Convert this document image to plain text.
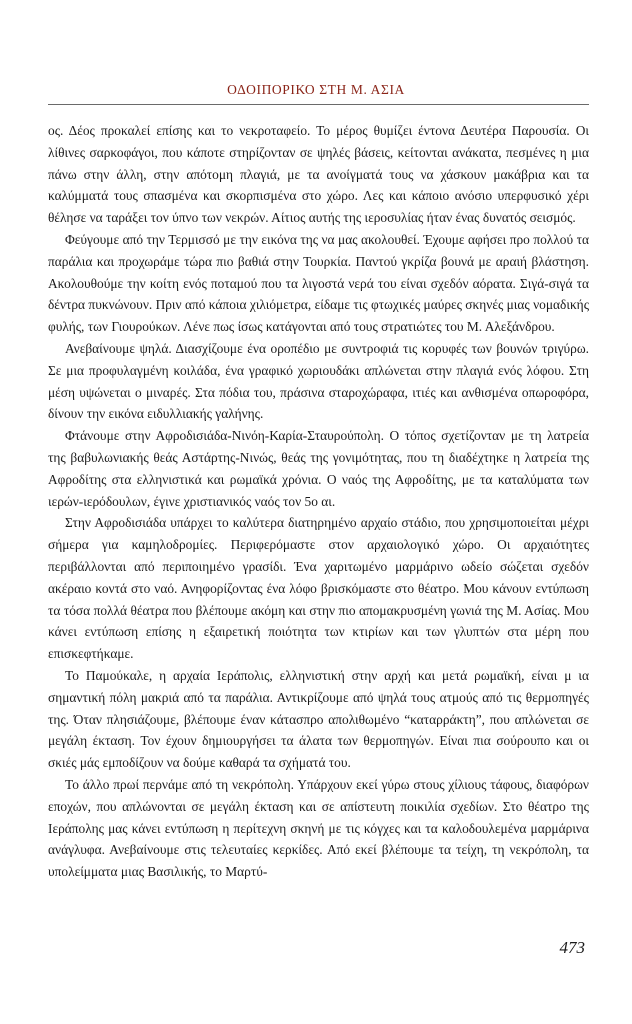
ΟΔΟΙΠΟΡΙΚΟ ΣΤΗ Μ. ΑΣΙΑ

ος. Δέος προκαλεί επίσης και το νεκροταφείο. Το μέρος θυμίζει έντονα Δευτέρα Παρουσία. Οι λίθινες σαρκοφάγοι, που κάποτε στηρίζονταν σε ψηλές βάσεις, κείτονται ανάκατα, πεσμένες η μια πάνω στην άλλη, στην απότομη πλαγιά, με τα ανοίγματά τους να χάσκουν μακάβρια και τα καλύμματά τους σπασμένα και σκορπισμένα στο χώρο. Λες και κάποιο ανόσιο υπερφυσικό χέρι θέλησε να ταράξει τον ύπνο των νεκρών. Αίτιος αυτής της ιεροσυλίας ήταν ένας δυνατός σεισμός.

Φεύγουμε από την Τερμισσό με την εικόνα της να μας ακολουθεί. Έχουμε αφήσει προ πολλού τα παράλια και προχωράμε τώρα πιο βαθιά στην Τουρκία. Παντού γκρίζα βουνά με αραιή βλάστηση. Ακολουθούμε την κοίτη ενός ποταμού που τα λιγοστά νερά του είναι σχεδόν αόρατα. Σιγά-σιγά τα δέντρα πυκνώνουν. Πριν από κάποια χιλιόμετρα, είδαμε τις φτωχικές μαύρες σκηνές μιας νομαδικής φυλής, των Γιουρούκων. Λένε πως ίσως κατάγονται από τους στρατιώτες του Μ. Αλεξάνδρου.

Ανεβαίνουμε ψηλά. Διασχίζουμε ένα οροπέδιο με συντροφιά τις κορυφές των βουνών τριγύρω. Σε μια προφυλαγμένη κοιλάδα, ένα γραφικό χωριουδάκι απλώνεται στην πλαγιά ενός λόφου. Στη μέση υψώνεται ο μιναρές. Στα πόδια του, πράσινα σταροχώραφα, ιτιές και ανθισμένα οπωροφόρα, δίνουν την εικόνα ειδυλλιακής γαλήνης.

Φτάνουμε στην Αφροδισιάδα-Νινόη-Καρία-Σταυρούπολη. Ο τόπος σχετίζονταν με τη λατρεία της βαβυλωνιακής θεάς Αστάρτης-Νινώς, θεάς της γονιμότητας, που τη διαδέχτηκε η λατρεία της Αφροδίτης στα ελληνιστικά και ρωμαϊκά χρόνια. Ο ναός της Αφροδίτης, με τα καταλύματα των ιερών-ιερόδουλων, έγινε χριστιανικός ναός τον 5ο αι.

Στην Αφροδισιάδα υπάρχει το καλύτερα διατηρημένο αρχαίο στάδιο, που χρησιμοποιείται μέχρι σήμερα για καμηλοδρομίες. Περιφερόμαστε στον αρχαιολογικό χώρο. Οι αρχαιότητες περιβάλλονται από περιποιημένο γρασίδι. Ένα χαριτωμένο μαρμάρινο ωδείο σώζεται σχεδόν ακέραιο κοντά στο ναό. Ανηφορίζοντας ένα λόφο βρισκόμαστε στο θέατρο. Μου κάνουν εντύπωση τα τόσα πολλά θέατρα που βλέπουμε ακόμη και στην πιο απομακρυσμένη γωνιά της Μ. Ασίας. Μου κάνει εντύπωση επίσης η εξαιρετική ποιότητα των κτιρίων και των γλυπτών στα μέρη που επισκεφτήκαμε.

Το Παμούκαλε, η αρχαία Ιεράπολις, ελληνιστική στην αρχή και μετά ρωμαϊκή, είναι μ ια σημαντική πόλη μακριά από τα παράλια. Αντικρίζουμε από ψηλά τους ατμούς από τις θερμοπηγές της. Όταν πλησιάζουμε, βλέπουμε έναν κάτασπρο απολιθωμένο “καταρράκτη”, που απλώνεται σε μεγάλη έκταση. Τον έχουν δημιουργήσει τα άλατα των θερμοπηγών. Είναι πια σούρουπο και οι σκιές μάς εμποδίζουν να δούμε καθαρά τα σχήματά του.

Το άλλο πρωί περνάμε από τη νεκρόπολη. Υπάρχουν εκεί γύρω στους χίλιους τάφους, διαφόρων εποχών, που απλώνονται σε μεγάλη έκταση και σε απίστευτη ποικιλία σχεδίων. Στο θέατρο της Ιεράπολης μας κάνει εντύπωση η περίτεχνη σκηνή με τις κόγχες και τα καλοδουλεμένα μαρμάρινα ανάγλυφα. Ανεβαίνουμε στις τελευταίες κερκίδες. Από εκεί βλέπουμε τα τείχη, τη νεκρόπολη, τα υπολείμματα μιας Βασιλικής, το Μαρτύ-

473
